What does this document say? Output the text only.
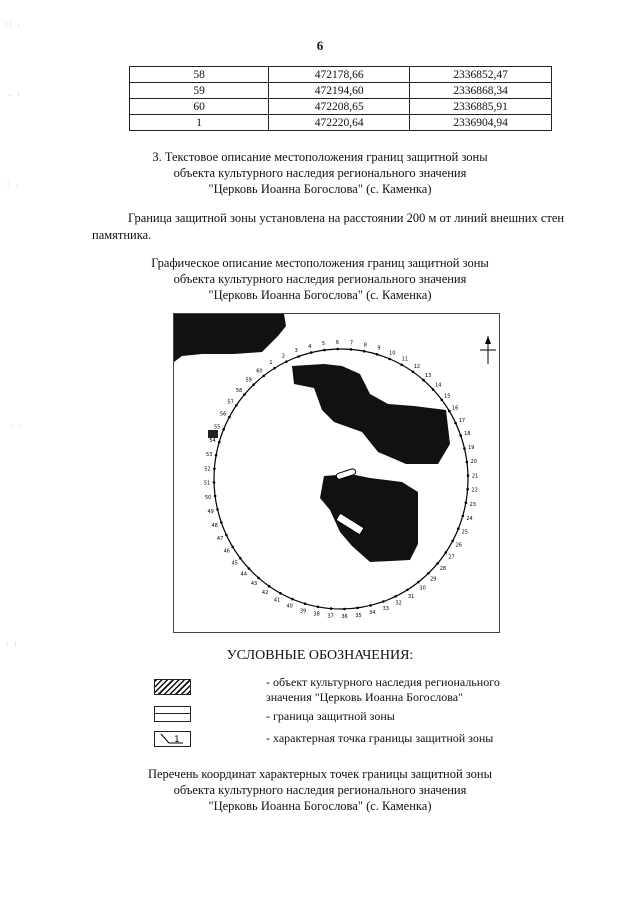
6
58	472178,66	2336852,47
59	472194,60	2336868,34
60	472208,65	2336885,91
1	472220,64	2336904,94
3. Текстовое описание местоположения границ защитной зоны
объекта культурного наследия регионального значения
"Церковь Иоанна Богослова" (с. Каменка)
Граница защитной зоны установлена на расстоянии 200 м от линий внешних стен
памятника.
Графическое описание местоположения границ защитной зоны
объекта культурного наследия регионального значения
"Церковь Иоанна Богослова" (с. Каменка)
1
2
3
4 5 6 7 8
9
10
11
12
13
14
15
16
17
18
19
20
21
22
23
24
25
26
27
28
29
30
31
32
33
34
35
36
37
38
39
40
41
42
43
44
45
46
47
48
49
50
51
52
53
54
55
56
57
58
59
60
УСЛОВНЫЕ ОБОЗНАЧЕНИЯ:
- объект культурного наследия регионального
значения "Церковь Иоанна Богослова"
- граница защитной зоны
1	- характерная точка границы защитной зоны
Перечень координат характерных точек границы защитной зоны
объекта культурного наследия регионального значения
"Церковь Иоанна Богослова" (с. Каменка)
:: .
. :
: .
. .
: :
